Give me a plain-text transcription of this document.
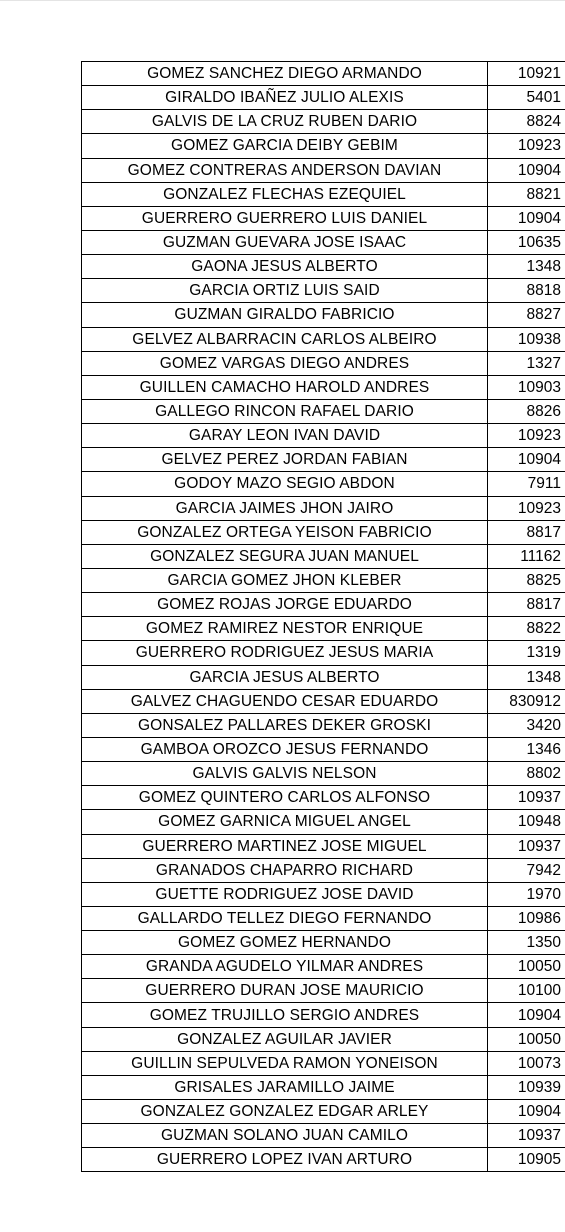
GOMEZ SANCHEZ DIEGO ARMANDO	10921
GIRALDO IBAÑEZ JULIO ALEXIS	5401
GALVIS DE LA CRUZ RUBEN DARIO	8824
GOMEZ GARCIA DEIBY GEBIM	10923
GOMEZ CONTRERAS ANDERSON DAVIAN	10904
GONZALEZ FLECHAS EZEQUIEL	8821
GUERRERO GUERRERO LUIS DANIEL	10904
GUZMAN GUEVARA JOSE ISAAC	10635
GAONA JESUS ALBERTO	1348
GARCIA ORTIZ LUIS SAID	8818
GUZMAN GIRALDO FABRICIO	8827
GELVEZ ALBARRACIN CARLOS ALBEIRO	10938
GOMEZ VARGAS DIEGO ANDRES	1327
GUILLEN CAMACHO HAROLD ANDRES	10903
GALLEGO RINCON RAFAEL DARIO	8826
GARAY LEON IVAN DAVID	10923
GELVEZ PEREZ JORDAN FABIAN	10904
GODOY MAZO SEGIO ABDON	7911
GARCIA JAIMES JHON JAIRO	10923
GONZALEZ ORTEGA YEISON FABRICIO	8817
GONZALEZ SEGURA JUAN MANUEL	11162
GARCIA GOMEZ JHON KLEBER	8825
GOMEZ ROJAS JORGE EDUARDO	8817
GOMEZ RAMIREZ NESTOR ENRIQUE	8822
GUERRERO RODRIGUEZ JESUS MARIA	1319
GARCIA JESUS ALBERTO	1348
GALVEZ CHAGUENDO CESAR EDUARDO	830912
GONSALEZ PALLARES DEKER GROSKI	3420
GAMBOA OROZCO JESUS FERNANDO	1346
GALVIS GALVIS NELSON	8802
GOMEZ QUINTERO CARLOS ALFONSO	10937
GOMEZ GARNICA MIGUEL ANGEL	10948
GUERRERO MARTINEZ JOSE MIGUEL	10937
GRANADOS CHAPARRO RICHARD	7942
GUETTE RODRIGUEZ JOSE DAVID	1970
GALLARDO TELLEZ DIEGO FERNANDO	10986
GOMEZ GOMEZ HERNANDO	1350
GRANDA AGUDELO YILMAR ANDRES	10050
GUERRERO DURAN JOSE MAURICIO	10100
GOMEZ TRUJILLO SERGIO ANDRES	10904
GONZALEZ AGUILAR JAVIER	10050
GUILLIN SEPULVEDA RAMON YONEISON	10073
GRISALES JARAMILLO JAIME	10939
GONZALEZ GONZALEZ EDGAR ARLEY	10904
GUZMAN SOLANO JUAN CAMILO	10937
GUERRERO LOPEZ IVAN ARTURO	10905
